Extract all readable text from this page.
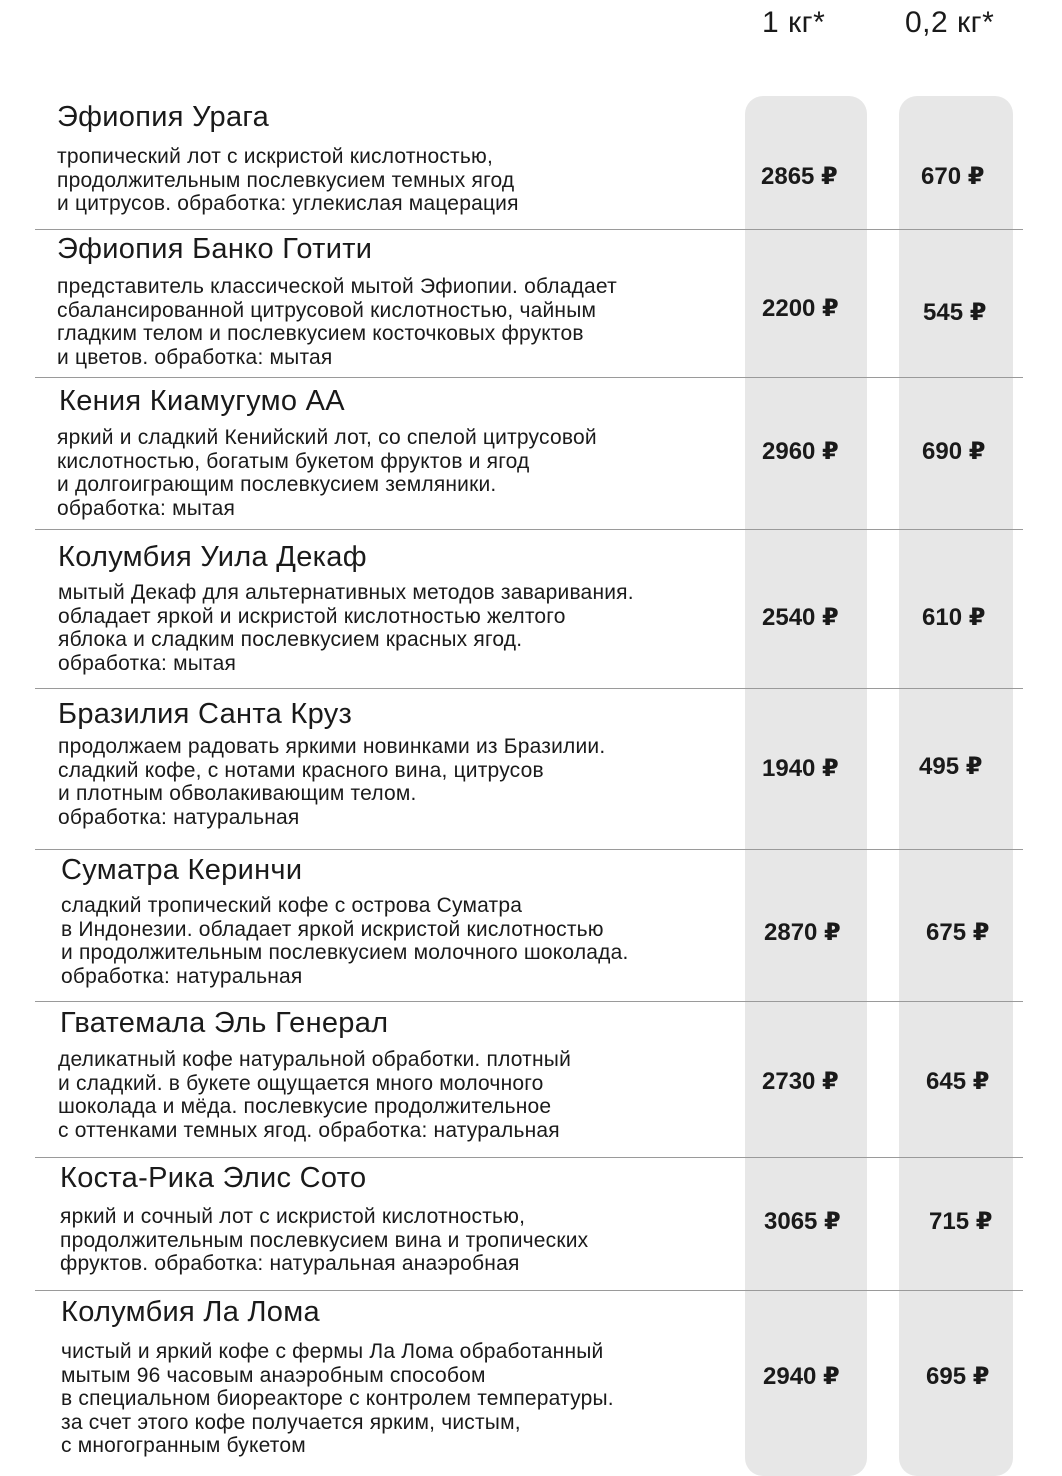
1 кг*	0,2 кг*
Эфиопия Урага
тропический лот с искристой кислотностью,
продолжительным послевкусием темных ягод
и цитрусов. обработка: углекислая мацерация
2865 ₽	670 ₽
Эфиопия Банко Готити
представитель классической мытой Эфиопии. обладает
сбалансированной цитрусовой кислотностью, чайным
гладким телом и послевкусием косточковых фруктов
и цветов. обработка: мытая
2200 ₽	545 ₽
Кения Киамугумо АА
яркий и сладкий Кенийский лот, со спелой цитрусовой
кислотностью, богатым букетом фруктов и ягод
и долгоиграющим послевкусием земляники.
обработка: мытая
2960 ₽	690 ₽
Колумбия Уила Декаф
мытый Декаф для альтернативных методов заваривания.
обладает яркой и искристой кислотностью желтого
яблока и сладким послевкусием красных ягод.
обработка: мытая
2540 ₽	610 ₽
Бразилия Санта Круз
продолжаем радовать яркими новинками из Бразилии.
сладкий кофе, с нотами красного вина, цитрусов
и плотным обволакивающим телом.
обработка: натуральная
1940 ₽	495 ₽
Суматра Керинчи
сладкий тропический кофе с острова Суматра
в Индонезии. обладает яркой искристой кислотностью
и продолжительным послевкусием молочного шоколада.
обработка: натуральная
2870 ₽	675 ₽
Гватемала Эль Генерал
деликатный кофе натуральной обработки. плотный
и сладкий. в букете ощущается много молочного
шоколада и мёда. послевкусие продолжительное
с оттенками темных ягод. обработка: натуральная
2730 ₽	645 ₽
Коста-Рика Элис Сото
яркий и сочный лот с искристой кислотностью,
продолжительным послевкусием вина и тропических
фруктов. обработка: натуральная анаэробная
3065 ₽	715 ₽
Колумбия Ла Лома
чистый и яркий кофе с фермы Ла Лома обработанный
мытым 96 часовым анаэробным способом
в специальном биореакторе с контролем температуры.
за счет этого кофе получается ярким, чистым,
с многогранным букетом
2940 ₽	695 ₽
